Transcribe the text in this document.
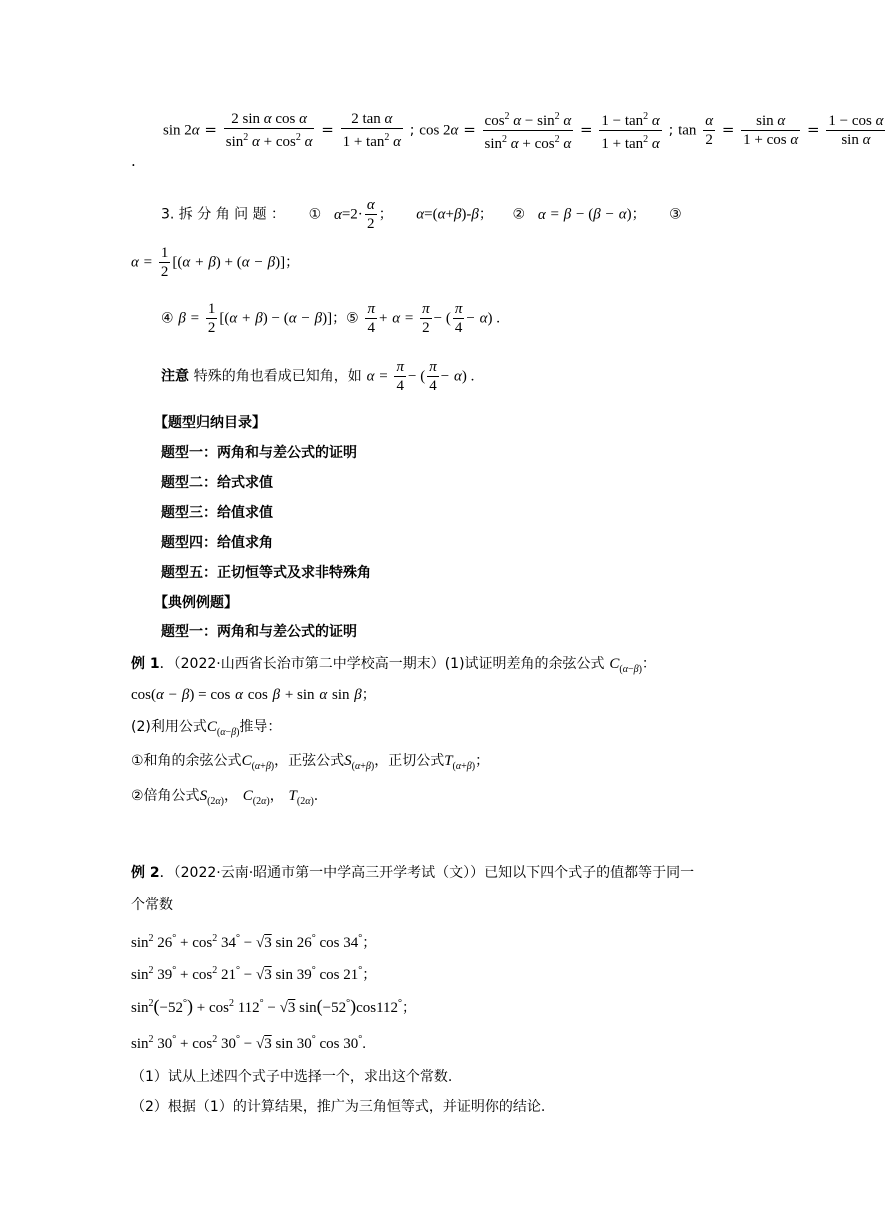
$\sin 2\alpha = \frac{\text{2 sin α cos α}}{\sin^2 \alpha + \cos^2 \alpha} = \frac{\text{2 tan α}}{1 + \tan^2 \alpha}$ ; $\cos 2\alpha = \frac{\cos^2 \alpha - \sin^2 \alpha}{\sin^2 \alpha + \cos^2 \alpha} = \frac{1 - \tan^2 \alpha}{1 + \tan^2 \alpha}$ ; $\tan \frac{\alpha}{2} = \frac{\text{sin α}}{\text{1 + cos α}} = \frac{\text{1 − cos α}}{\text{sin α}}$
.
3. 拆 分 角 问 题 ： ① $\alpha=2\cdot \frac{\alpha}{2}$ ； α=(α+β)-β； ② α = β − (β − α)； ③
$\alpha = \frac{1}{2} [(\alpha + \beta) + (\alpha - \beta)]$；
④ $\beta = \frac{1}{2} [(\alpha + \beta) - (\alpha - \beta)]$；⑤ $\frac{\pi}{4} + \alpha = \frac{\pi}{2}$ − ( $\frac{\pi}{4} - \alpha$) .
注意 特殊的角也看成已知角，如 $\alpha = \frac{\pi}{4}$ − ( $\frac{\pi}{4} - \alpha$) .
【题型归纳目录】
题型一：两角和与差公式的证明
题型二：给式求值
题型三：给值求值
题型四：给值求角
题型五：正切恒等式及求非特殊角
【典例例题】
题型一：两角和与差公式的证明
例 1．（2022·山西省长治市第二中学校高一期末）(1)试证明差角的余弦公式 $C_{(\alpha-\beta)}$：
cos(α − β) = cos α cos β + sin α sin β；
(2)利用公式$C_{(\alpha-\beta)}$推导：
①和角的余弦公式$C_{(\alpha+\beta)}$，正弦公式$S_{(\alpha+\beta)}$，正切公式$T_{(\alpha+\beta)}$；
②倍角公式$S_{(2\alpha)}$， $C_{(2\alpha)}$， $T_{(2\alpha)}$.
例 2．（2022·云南·昭通市第一中学高三开学考试（文））已知以下四个式子的值都等于同一
个常数
$\sin^2 26^\circ + \cos^2 34^\circ - √3$ sin 26° cos 34°；
$\sin^2 39^\circ + \cos^2 21^\circ - √3$ sin 39° cos 21°；
$\sin^2(-52^\circ) + \cos^2 112^\circ - √3$ sin(−52°)cos112°；
$\sin^2 30^\circ + \cos^2 30^\circ - √3$ sin 30° cos 30°.
（1）试从上述四个式子中选择一个，求出这个常数.
（2）根据（1）的计算结果，推广为三角恒等式，并证明你的结论.
